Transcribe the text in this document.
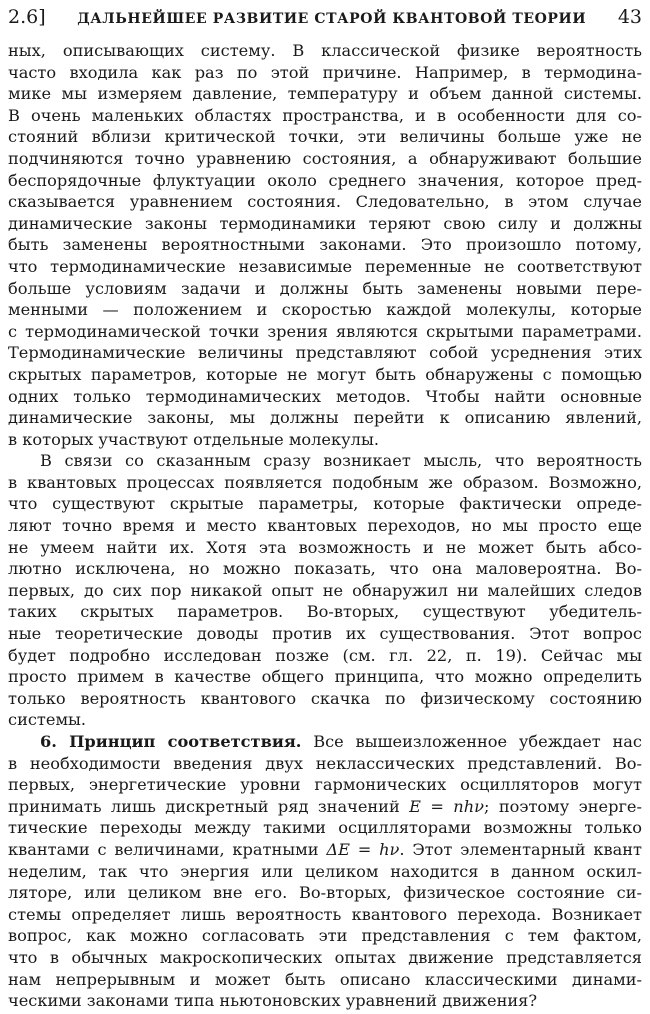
2.6] ДАЛЬНЕЙШЕЕ РАЗВИТИЕ СТАРОЙ КВАНТОВОЙ ТЕОРИИ 43
ных, описывающих систему. В классической физике вероятность
часто входила как раз по этой причине. Например, в термодина-
мике мы измеряем давление, температуру и объем данной системы.
В очень маленьких областях пространства, и в особенности для со-
стояний вблизи критической точки, эти величины больше уже не
подчиняются точно уравнению состояния, а обнаруживают большие
беспорядочные флуктуации около среднего значения, которое пред-
сказывается уравнением состояния. Следовательно, в этом случае
динамические законы термодинамики теряют свою силу и должны
быть заменены вероятностными законами. Это произошло потому,
что термодинамические независимые переменные не соответствуют
больше условиям задачи и должны быть заменены новыми пере-
менными — положением и скоростью каждой молекулы, которые
с термодинамической точки зрения являются скрытыми параметрами.
Термодинамические величины представляют собой усреднения этих
скрытых параметров, которые не могут быть обнаружены с помощью
одних только термодинамических методов. Чтобы найти основные
динамические законы, мы должны перейти к описанию явлений,
в которых участвуют отдельные молекулы.
В связи со сказанным сразу возникает мысль, что вероятность
в квантовых процессах появляется подобным же образом. Возможно,
что существуют скрытые параметры, которые фактически опреде-
ляют точно время и место квантовых переходов, но мы просто еще
не умеем найти их. Хотя эта возможность и не может быть абсо-
лютно исключена, но можно показать, что она маловероятна. Во-
первых, до сих пор никакой опыт не обнаружил ни малейших следов
таких скрытых параметров. Во-вторых, существуют убедитель-
ные теоретические доводы против их существования. Этот вопрос
будет подробно исследован позже (см. гл. 22, п. 19). Сейчас мы
просто примем в качестве общего принципа, что можно определить
только вероятность квантового скачка по физическому состоянию
системы.
6. Принцип соответствия. Все вышеизложенное убеждает нас
в необходимости введения двух неклассических представлений. Во-
первых, энергетические уровни гармонических осцилляторов могут
принимать лишь дискретный ряд значений E = nhν; поэтому энерге-
тические переходы между такими осцилляторами возможны только
квантами с величинами, кратными ΔE = hν. Этот элементарный квант
неделим, так что энергия или целиком находится в данном оскил-
ляторе, или целиком вне его. Во-вторых, физическое состояние си-
стемы определяет лишь вероятность квантового перехода. Возникает
вопрос, как можно согласовать эти представления с тем фактом,
что в обычных макроскопических опытах движение представляется
нам непрерывным и может быть описано классическими динами-
ческими законами типа ньютоновских уравнений движения?
